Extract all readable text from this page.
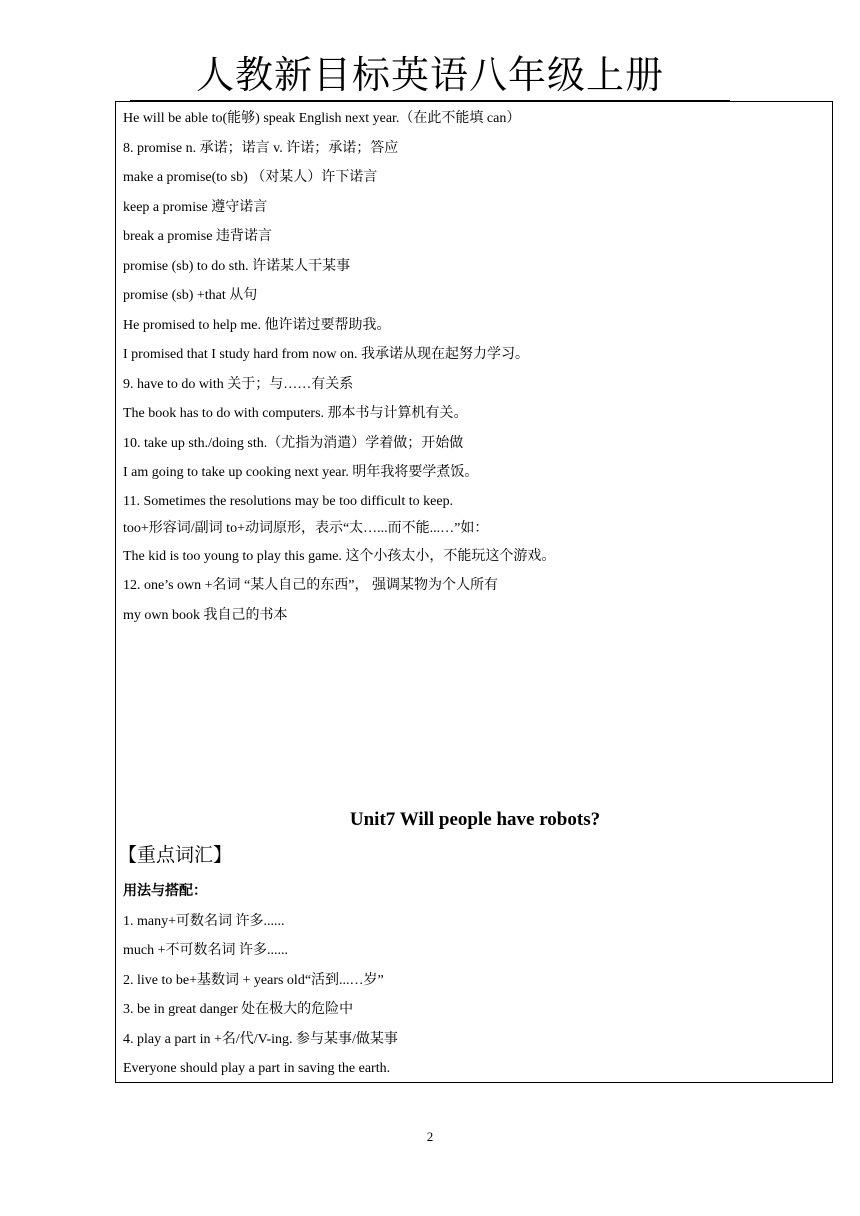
人教新目标英语八年级上册
He will be able to(能够) speak English next year.（在此不能填 can）
8. promise n. 承诺；诺言 v. 许诺；承诺；答应
make a promise(to sb) （对某人）许下诺言
keep a promise 遵守诺言
break a promise 违背诺言
promise (sb) to do sth. 许诺某人干某事
promise (sb) +that 从句
He promised to help me. 他许诺过要帮助我。
I promised that I study hard from now on. 我承诺从现在起努力学习。
9. have to do with 关于；与……有关系
The book has to do with computers. 那本书与计算机有关。
10. take up sth./doing sth.（尤指为消遣）学着做；开始做
I am going to take up cooking next year. 明年我将要学煮饭。
11. Sometimes the resolutions may be too difficult to keep.
too+形容词/副词 to+动词原形，表示“太…...而不能...…”如：
The kid is too young to play this game. 这个小孩太小，不能玩这个游戏。
12. one’s own +名词 “某人自己的东西”， 强调某物为个人所有
my own book 我自己的书本
Unit7 Will people have robots?
【重点词汇】
用法与搭配：
1. many+可数名词 许多......
much +不可数名词 许多......
2. live to be+基数词 + years old“活到...…岁”
3. be in great danger 处在极大的危险中
4. play a part in +名/代/V-ing. 参与某事/做某事
Everyone should play a part in saving the earth.
2
